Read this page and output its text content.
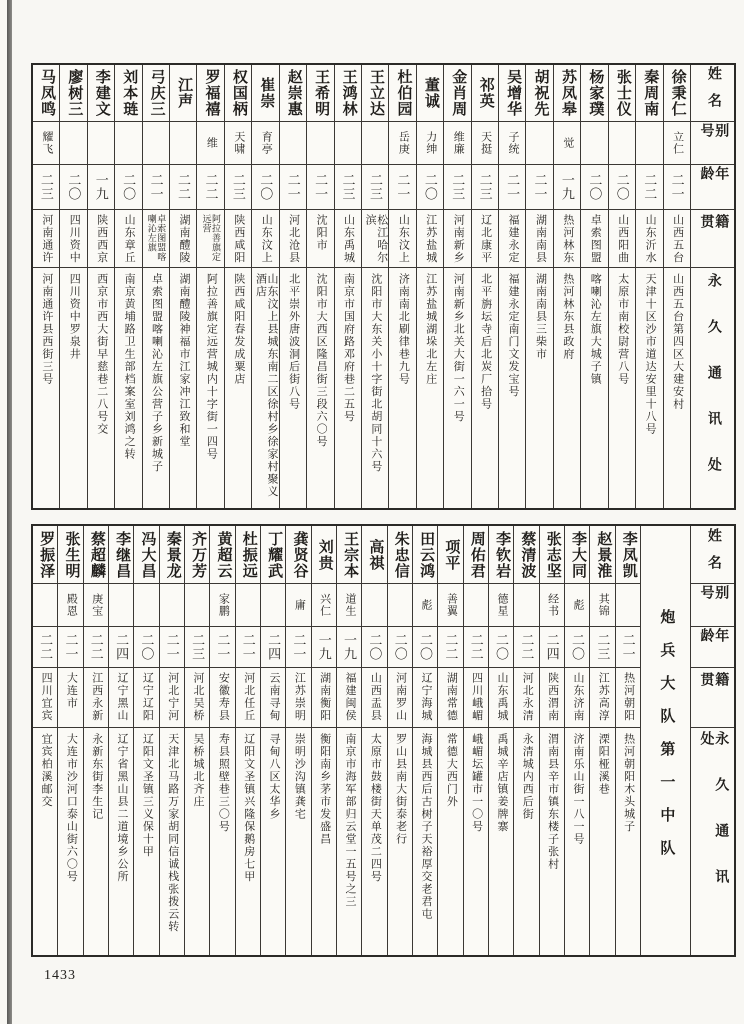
姓名
别号
年龄
籍贯
永久通讯处
徐秉仁
立仁
二一
山西五台
山西五台第四区大建安村
秦周南
二二
山东沂水
天津十区沙市道达安里十八号
张士仪
二〇
山西阳曲
太原市南校尉营八号
杨家璞
二〇
卓索图盟
喀喇沁左旗大城子镇
苏凤皋
觉
一九
热河林东
热河林东县政府
胡祝先
二一
湖南南县
湖南南县三柴市
吴增华
子统
二一
福建永定
福建永定南门文发宝号
祁英
天挺
二三
辽北康平
北平旃坛寺后北炭厂拾号
金肖周
维廉
二三
河南新乡
河南新乡北关大街一六一号
董诚
力绅
二〇
江苏盐城
江苏盐城湖垛北左庄
杜伯园
岳庚
二一
山东汶上
济南南北刷律巷九号
王立达
二三
松江哈尔滨
沈阳市大东关小十字街北胡同十六号
王鸿林
二三
山东禹城
南京市国府路邓府巷二五号
王希明
二一
沈阳市
沈阳市大西区隆昌街三段六〇号
赵崇惠
二一
河北沧县
北平崇外唐波洞后街八号
崔崇
育亭
二〇
山东汶上
山东汶上县城东南二区徐村乡徐家村聚义酒店
权国柄
天啸
二三
陕西咸阳
陕西咸阳春发成粟店
罗福禧
维
二二
阿拉善旗定远营
阿拉善旗定远营城内十字街一四号
江声
二二
湖南醴陵
湖南醴陵神福市江家冲江致和堂
弓庆三
二一
卓索图盟喀喇沁左旗
卓索图盟喀喇沁左旗公营子乡新城子
刘本琏
二〇
山东章丘
南京黄埔路卫生部档案室刘鸿之转
李建文
一九
陕西西京
西京市西大街早慈巷二八号交
廖树三
二〇
四川资中
四川资中罗泉井
马凤鸣
耀飞
二三
河南通许
河南通许县西街三号
姓名
别号
年龄
籍贯
永久通讯处
炮兵大队第一中队
李凤凯
二一
热河朝阳
热河朝阳木头城子
赵景淮
其锦
二三
江苏高淳
溧阳桠溪巷
李大同
彪
二〇
山东济南
济南乐山街一八一号
张志坚
经书
二四
陕西渭南
渭南县辛市镇东楼子张村
蔡清波
二二
河北永清
永清城内西后街
李钦岩
德星
二〇
山东禹城
禹城辛店镇姜牌寨
周佑君
二二
四川峨嵋
峨嵋坛罐市一〇号
项平
善翼
二二
湖南常德
常德大西门外
田云鸿
彪
二〇
辽宁海城
海城县西后古树子天裕厚交老君屯
朱忠信
二〇
河南罗山
罗山县南大街泰老行
高祺
二〇
山西盂县
太原市鼓楼街天单茂二四号
王宗本
道生
一九
福建闽侯
南京市海军部归云堂一五号之三
刘贵
兴仁
一九
湖南衡阳
衡阳南乡茅市发盛昌
龚贤谷
庸
二一
江苏崇明
崇明沙沟镇龚宅
丁耀武
二四
云南寻甸
寻甸八区太华乡
杜振远
二一
河北任丘
辽阳文圣镇兴隆保鹅房七甲
黄超云
家鹏
二一
安徽寿县
寿县照壁巷三〇号
齐万芳
二三
河北吴桥
吴桥城北齐庄
秦景龙
二一
河北宁河
天津北马路万家胡同信诚栈张拨云转
冯大昌
二〇
辽宁辽阳
辽阳文圣镇三义保十甲
李继昌
二四
辽宁黑山
辽宁省黑山县二道境乡公所
蔡超麟
庚宝
二二
江西永新
永新东街李生记
张生明
殿恩
二一
大连市
大连市沙河口泰山街六〇号
罗振泽
二二
四川宜宾
宜宾柏溪邮交
1433
